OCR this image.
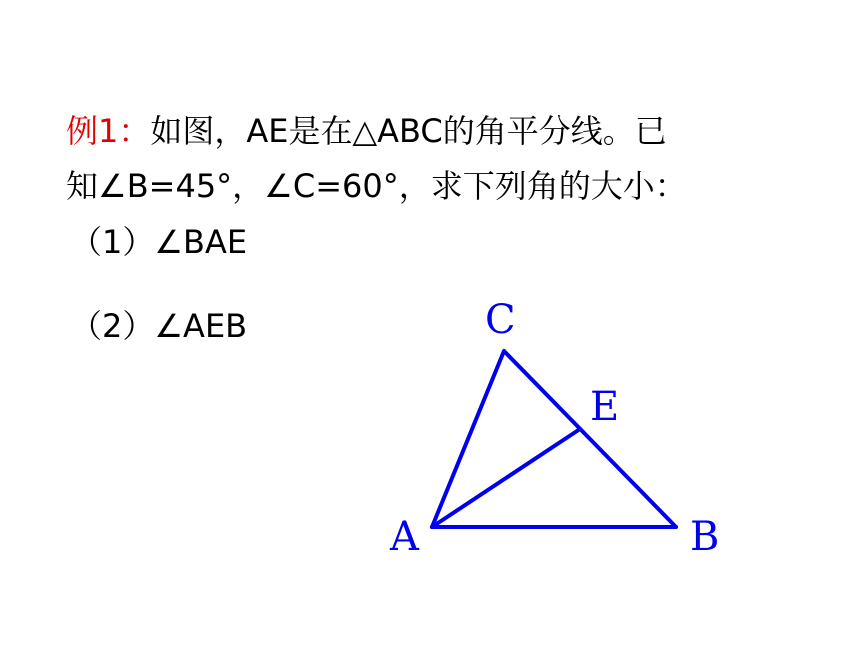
例1：如图，AE是在△ABC的角平分线。已
知∠B=45°，∠C=60°，求下列角的大小：
（1）∠BAE
（2）∠AEB	C
E
A	B
